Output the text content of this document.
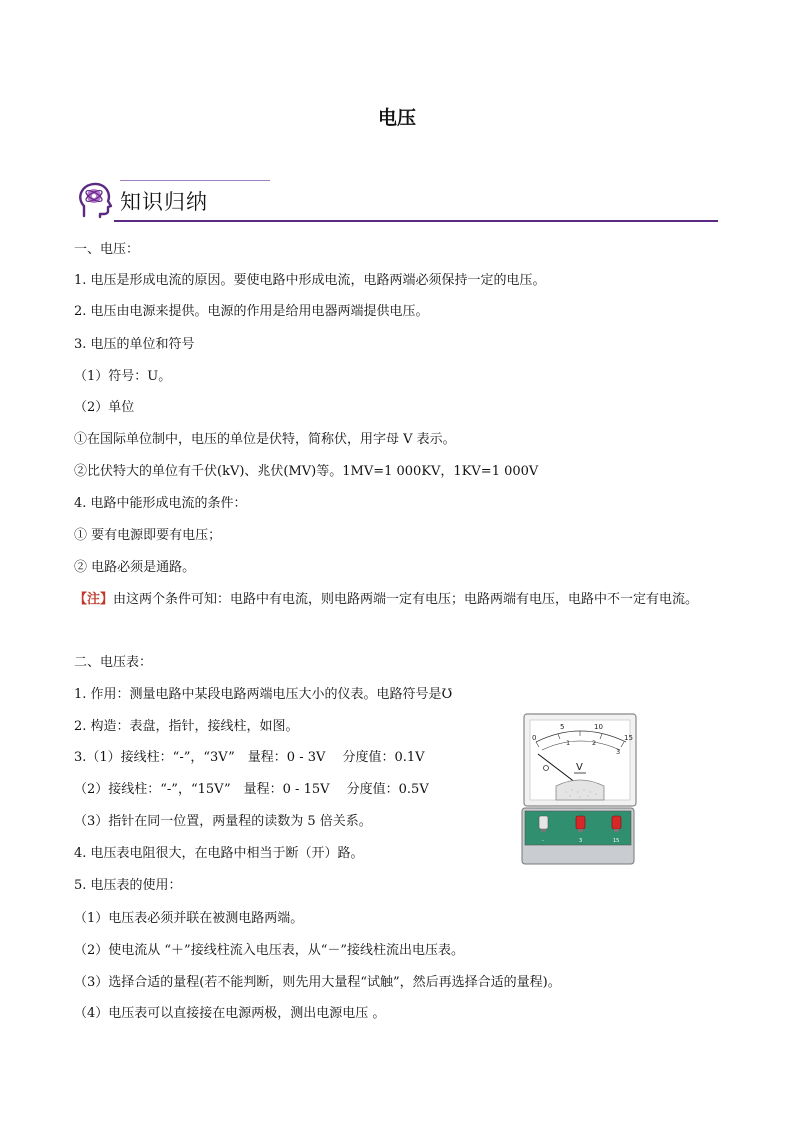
电压
知识归纳
一、电压：
1. 电压是形成电流的原因。要使电路中形成电流，电路两端必须保持一定的电压。
2. 电压由电源来提供。电源的作用是给用电器两端提供电压。
3. 电压的单位和符号
（1）符号：U。
（2）单位
①在国际单位制中，电压的单位是伏特，简称伏，用字母 V 表示。
②比伏特大的单位有千伏(kV)、兆伏(MV)等。1MV=1 000KV，1KV=1 000V
4. 电路中能形成电流的条件：
① 要有电源即要有电压；
② 电路必须是通路。
【注】由这两个条件可知：电路中有电流，则电路两端一定有电压；电路两端有电压，电路中不一定有电流。
二、电压表：
1. 作用：测量电路中某段电路两端电压大小的仪表。电路符号是Ʊ
2. 构造：表盘，指针，接线柱，如图。
3.（1）接线柱：“-”，“3V”　量程：0 - 3V　 分度值：0.1V
（2）接线柱：“-”，“15V”　量程：0 - 15V　 分度值：0.5V
（3）指针在同一位置，两量程的读数为 5 倍关系。
4. 电压表电阻很大，在电路中相当于断（开）路。
5. 电压表的使用：
（1）电压表必须并联在被测电路两端。
（2）使电流从 “＋”接线柱流入电压表，从“－”接线柱流出电压表。
（3）选择合适的量程(若不能判断，则先用大量程“试触”，然后再选择合适的量程)。
（4）电压表可以直接接在电源两极，测出电源电压 。
0
5	10
15
1	2
3
V
-	3	15
